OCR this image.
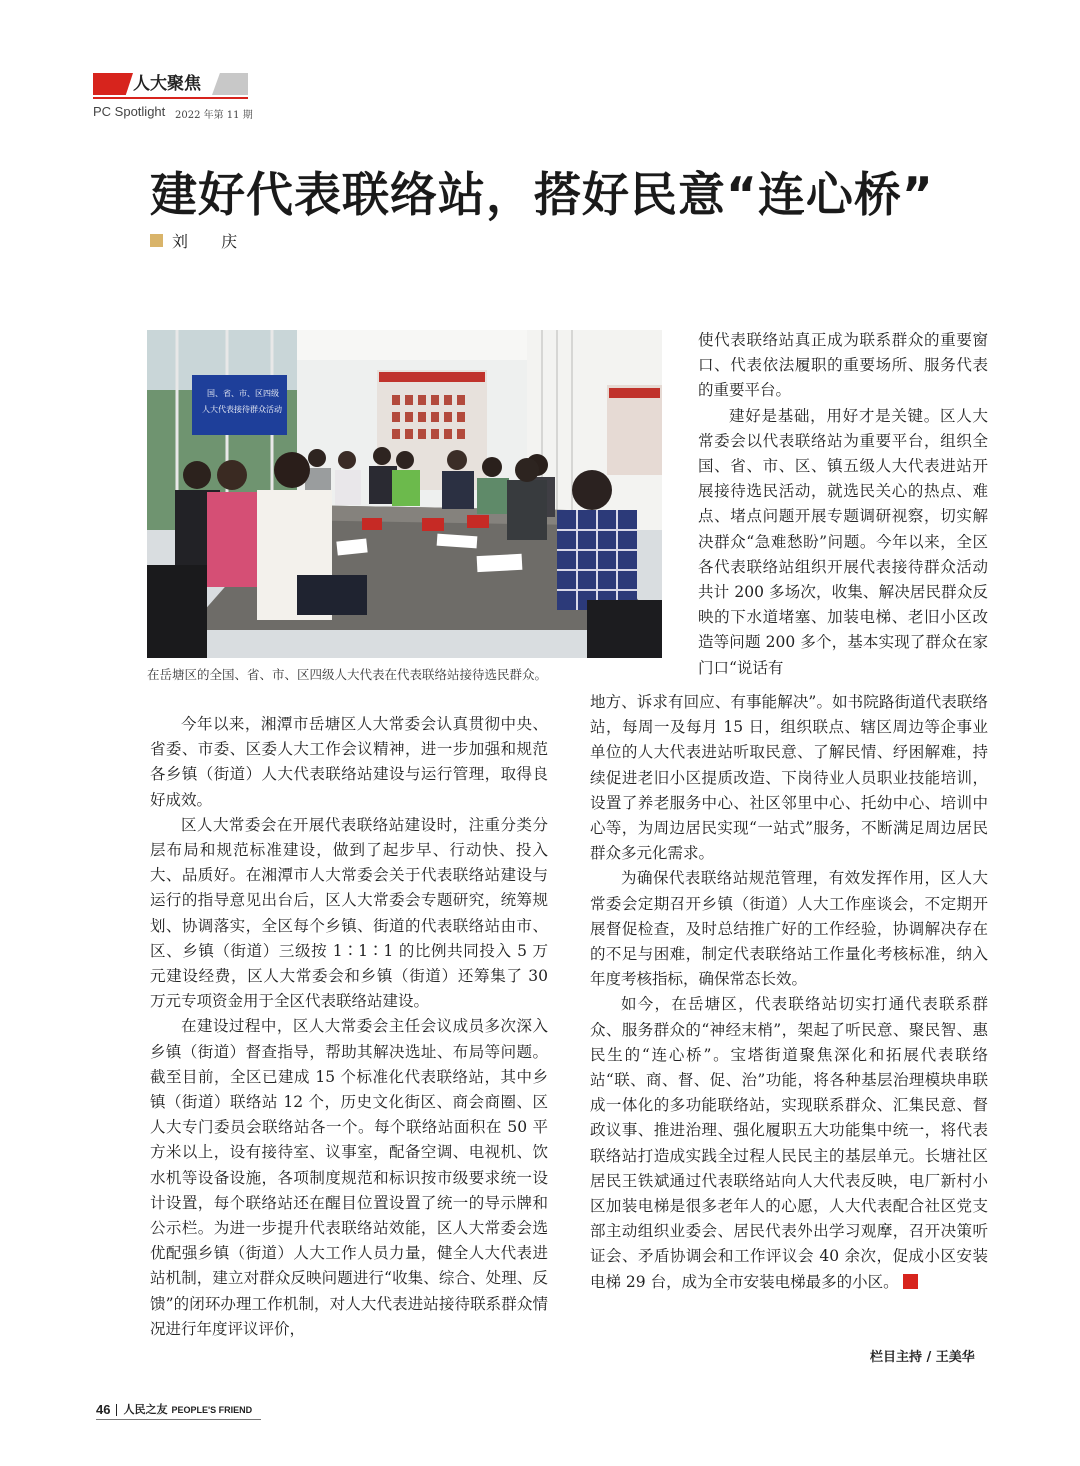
人大聚焦
PC Spotlight 2022 年第 11 期
建好代表联络站，搭好民意“连心桥”
刘 庆
国、省、市、区四级
人大代表接待群众活动

在岳塘区的全国、省、市、区四级人大代表在代表联络站接待选民群众。

使代表联络站真正成为联系群众的重要窗口、代表依法履职的重要场所、服务代表的重要平台。

建好是基础，用好才是关键。区人大常委会以代表联络站为重要平台，组织全国、省、市、区、镇五级人大代表进站开展接待选民活动，就选民关心的热点、难点、堵点问题开展专题调研视察，切实解决群众“急难愁盼”问题。今年以来，全区各代表联络站组织开展代表接待群众活动共计 200 多场次，收集、解决居民群众反映的下水道堵塞、加装电梯、老旧小区改造等问题 200 多个，基本实现了群众在家门口“说话有

今年以来，湘潭市岳塘区人大常委会认真贯彻中央、省委、市委、区委人大工作会议精神，进一步加强和规范各乡镇（街道）人大代表联络站建设与运行管理，取得良好成效。

区人大常委会在开展代表联络站建设时，注重分类分层布局和规范标准建设，做到了起步早、行动快、投入大、品质好。在湘潭市人大常委会关于代表联络站建设与运行的指导意见出台后，区人大常委会专题研究，统筹规划、协调落实，全区每个乡镇、街道的代表联络站由市、区、乡镇（街道）三级按 1∶1∶1 的比例共同投入 5 万元建设经费，区人大常委会和乡镇（街道）还筹集了 30 万元专项资金用于全区代表联络站建设。

在建设过程中，区人大常委会主任会议成员多次深入乡镇（街道）督查指导，帮助其解决选址、布局等问题。截至目前，全区已建成 15 个标准化代表联络站，其中乡镇（街道）联络站 12 个，历史文化街区、商会商圈、区人大专门委员会联络站各一个。每个联络站面积在 50 平方米以上，设有接待室、议事室，配备空调、电视机、饮水机等设备设施，各项制度规范和标识按市级要求统一设计设置，每个联络站还在醒目位置设置了统一的导示牌和公示栏。为进一步提升代表联络站效能，区人大常委会选优配强乡镇（街道）人大工作人员力量，健全人大代表进站机制，建立对群众反映问题进行“收集、综合、处理、反馈”的闭环办理工作机制，对人大代表进站接待联系群众情况进行年度评议评价，

地方、诉求有回应、有事能解决”。如书院路街道代表联络站，每周一及每月 15 日，组织联点、辖区周边等企事业单位的人大代表进站听取民意、了解民情、纾困解难，持续促进老旧小区提质改造、下岗待业人员职业技能培训，设置了养老服务中心、社区邻里中心、托幼中心、培训中心等，为周边居民实现“一站式”服务，不断满足周边居民群众多元化需求。

为确保代表联络站规范管理，有效发挥作用，区人大常委会定期召开乡镇（街道）人大工作座谈会，不定期开展督促检查，及时总结推广好的工作经验，协调解决存在的不足与困难，制定代表联络站工作量化考核标准，纳入年度考核指标，确保常态长效。

如今，在岳塘区，代表联络站切实打通代表联系群众、服务群众的“神经末梢”，架起了听民意、聚民智、惠民生的“连心桥”。宝塔街道聚焦深化和拓展代表联络站“联、商、督、促、治”功能，将各种基层治理模块串联成一体化的多功能联络站，实现联系群众、汇集民意、督政议事、推进治理、强化履职五大功能集中统一，将代表联络站打造成实践全过程人民民主的基层单元。长塘社区居民王铁斌通过代表联络站向人大代表反映，电厂新村小区加装电梯是很多老年人的心愿，人大代表配合社区党支部主动组织业委会、居民代表外出学习观摩，召开决策听证会、矛盾协调会和工作评议会 40 余次，促成小区安装电梯 29 台，成为全市安装电梯最多的小区。

栏目主持 / 王美华
46 人民之友 PEOPLE'S FRIEND
